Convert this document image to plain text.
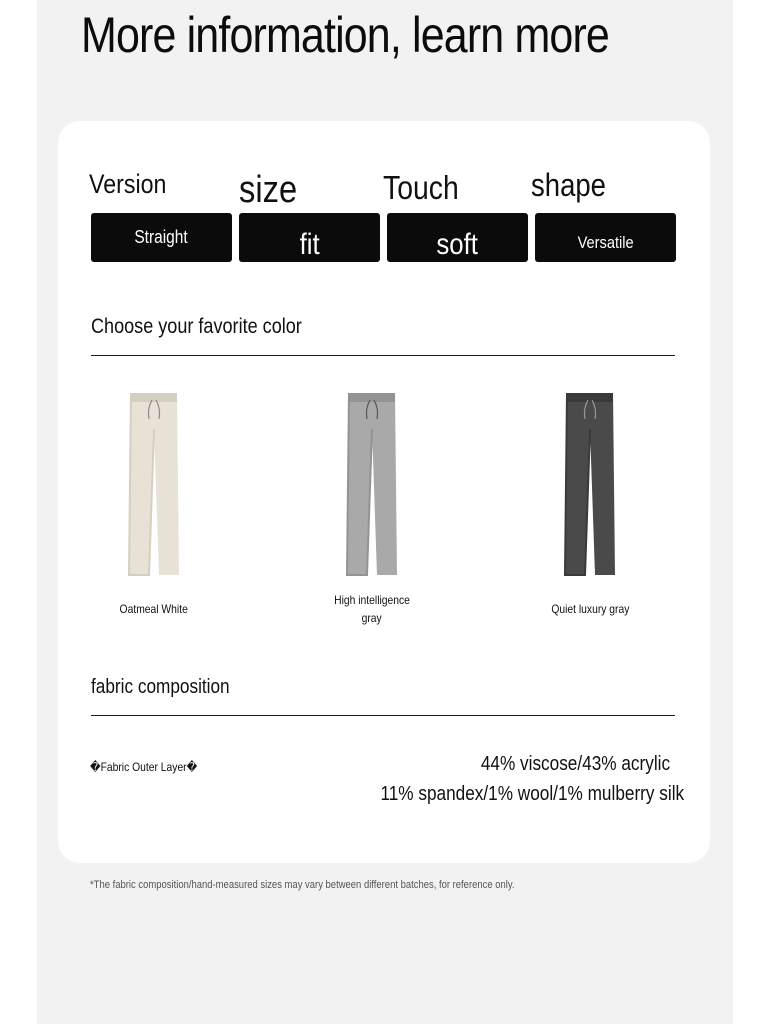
More information, learn more
Version
Straight
size
fit
Touch
soft
shape
Versatile
Choose your favorite color
Oatmeal White
High intelligence
gray
Quiet luxury gray
fabric composition
�Fabric Outer Layer�	44% viscose/43% acrylic
11% spandex/1% wool/1% mulberry silk
*The fabric composition/hand-measured sizes may vary between different batches, for reference only.
